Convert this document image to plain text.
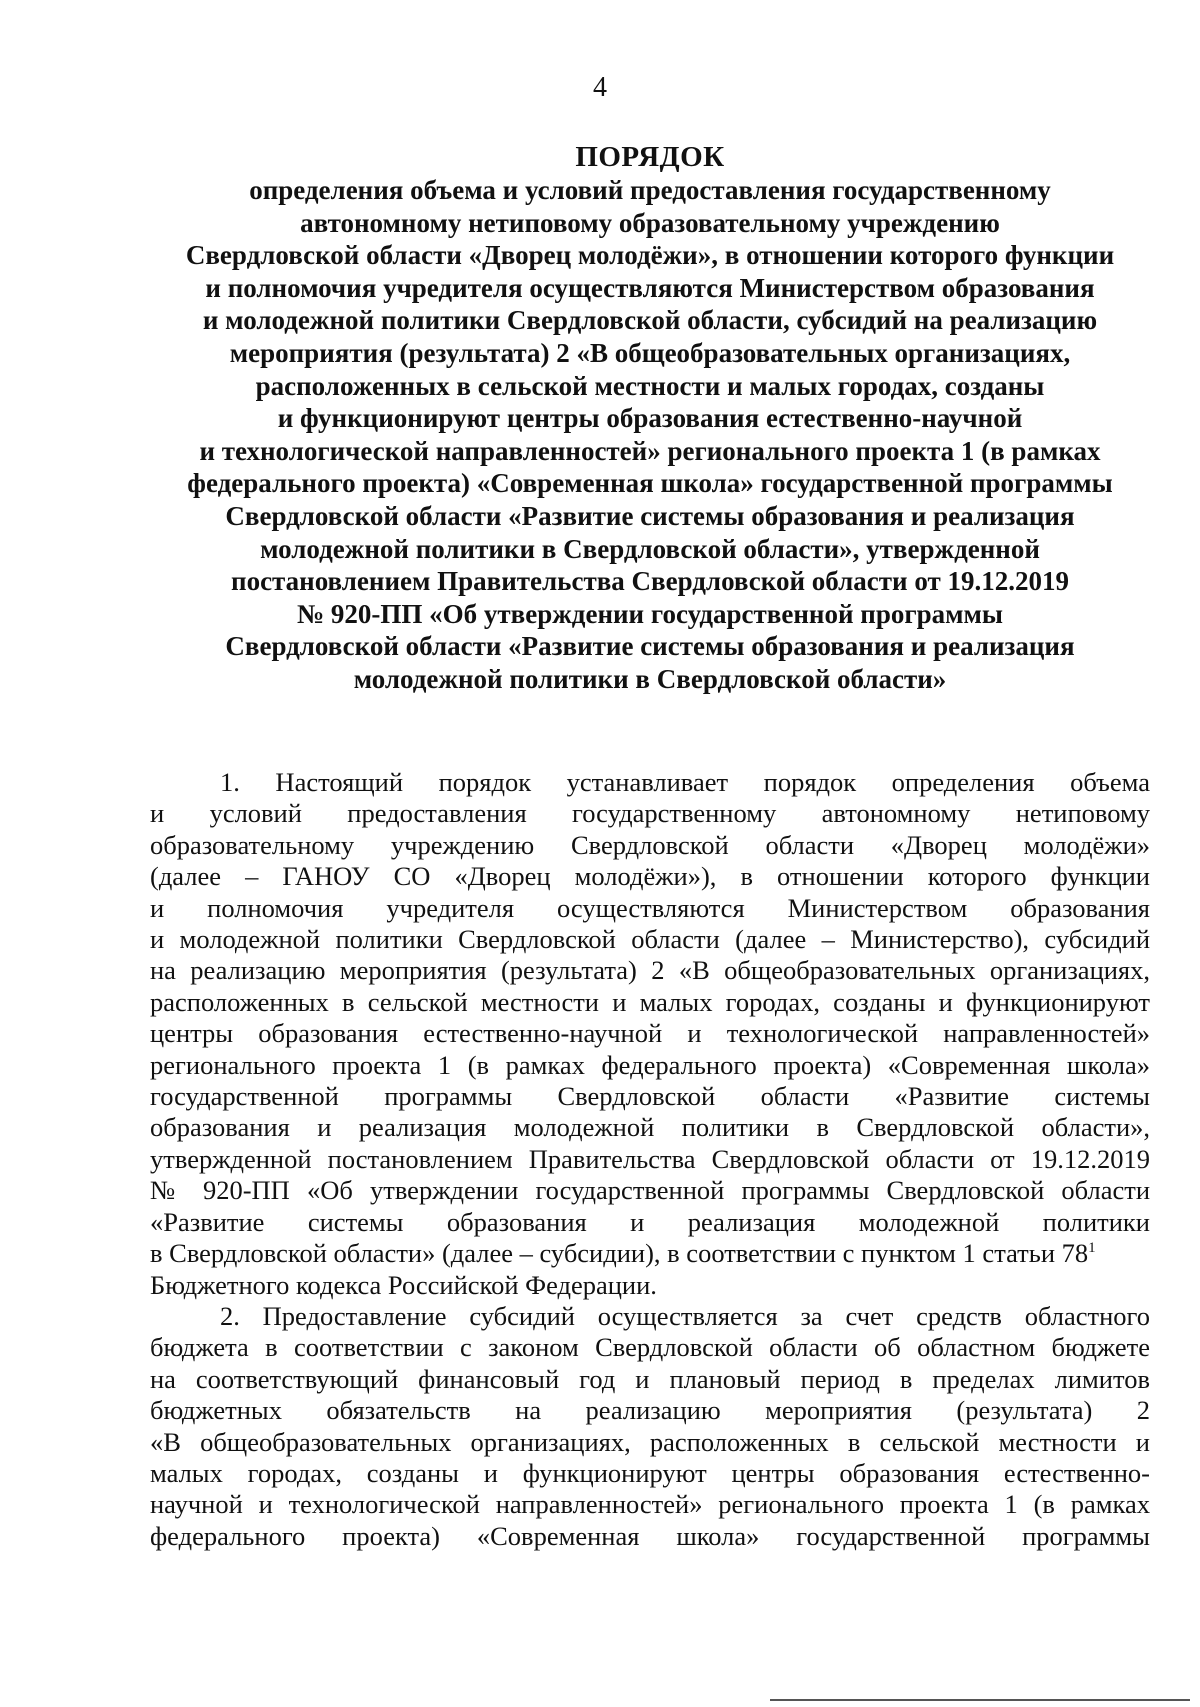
4
ПОРЯДОК
определения объема и условий предоставления государственному
автономному нетиповому образовательному учреждению
Свердловской области «Дворец молодёжи», в отношении которого функции
и полномочия учредителя осуществляются Министерством образования
и молодежной политики Свердловской области, субсидий на реализацию
мероприятия (результата) 2 «В общеобразовательных организациях,
расположенных в сельской местности и малых городах, созданы
и функционируют центры образования естественно-научной
и технологической направленностей» регионального проекта 1 (в рамках
федерального проекта) «Современная школа» государственной программы
Свердловской области «Развитие системы образования и реализация
молодежной политики в Свердловской области», утвержденной
постановлением Правительства Свердловской области от 19.12.2019
№ 920-ПП «Об утверждении государственной программы
Свердловской области «Развитие системы образования и реализация
молодежной политики в Свердловской области»
1. Настоящий порядок устанавливает порядок определения объема
и условий предоставления государственному автономному нетиповому
образовательному учреждению Свердловской области «Дворец молодёжи»
(далее – ГАНОУ СО «Дворец молодёжи»), в отношении которого функции
и полномочия учредителя осуществляются Министерством образования
и молодежной политики Свердловской области (далее – Министерство), субсидий
на реализацию мероприятия (результата) 2 «В общеобразовательных организациях,
расположенных в сельской местности и малых городах, созданы и функционируют
центры образования естественно-научной и технологической направленностей»
регионального проекта 1 (в рамках федерального проекта) «Современная школа»
государственной программы Свердловской области «Развитие системы
образования и реализация молодежной политики в Свердловской области»,
утвержденной постановлением Правительства Свердловской области от 19.12.2019
№ 920-ПП «Об утверждении государственной программы Свердловской области
«Развитие системы образования и реализация молодежной политики
в Свердловской области» (далее – субсидии), в соответствии с пунктом 1 статьи $78^1$
Бюджетного кодекса Российской Федерации.
2. Предоставление субсидий осуществляется за счет средств областного
бюджета в соответствии с законом Свердловской области об областном бюджете
на соответствующий финансовый год и плановый период в пределах лимитов
бюджетных обязательств на реализацию мероприятия (результата) 2
«В общеобразовательных организациях, расположенных в сельской местности и
малых городах, созданы и функционируют центры образования естественно-
научной и технологической направленностей» регионального проекта 1 (в рамках
федерального проекта) «Современная школа» государственной программы
